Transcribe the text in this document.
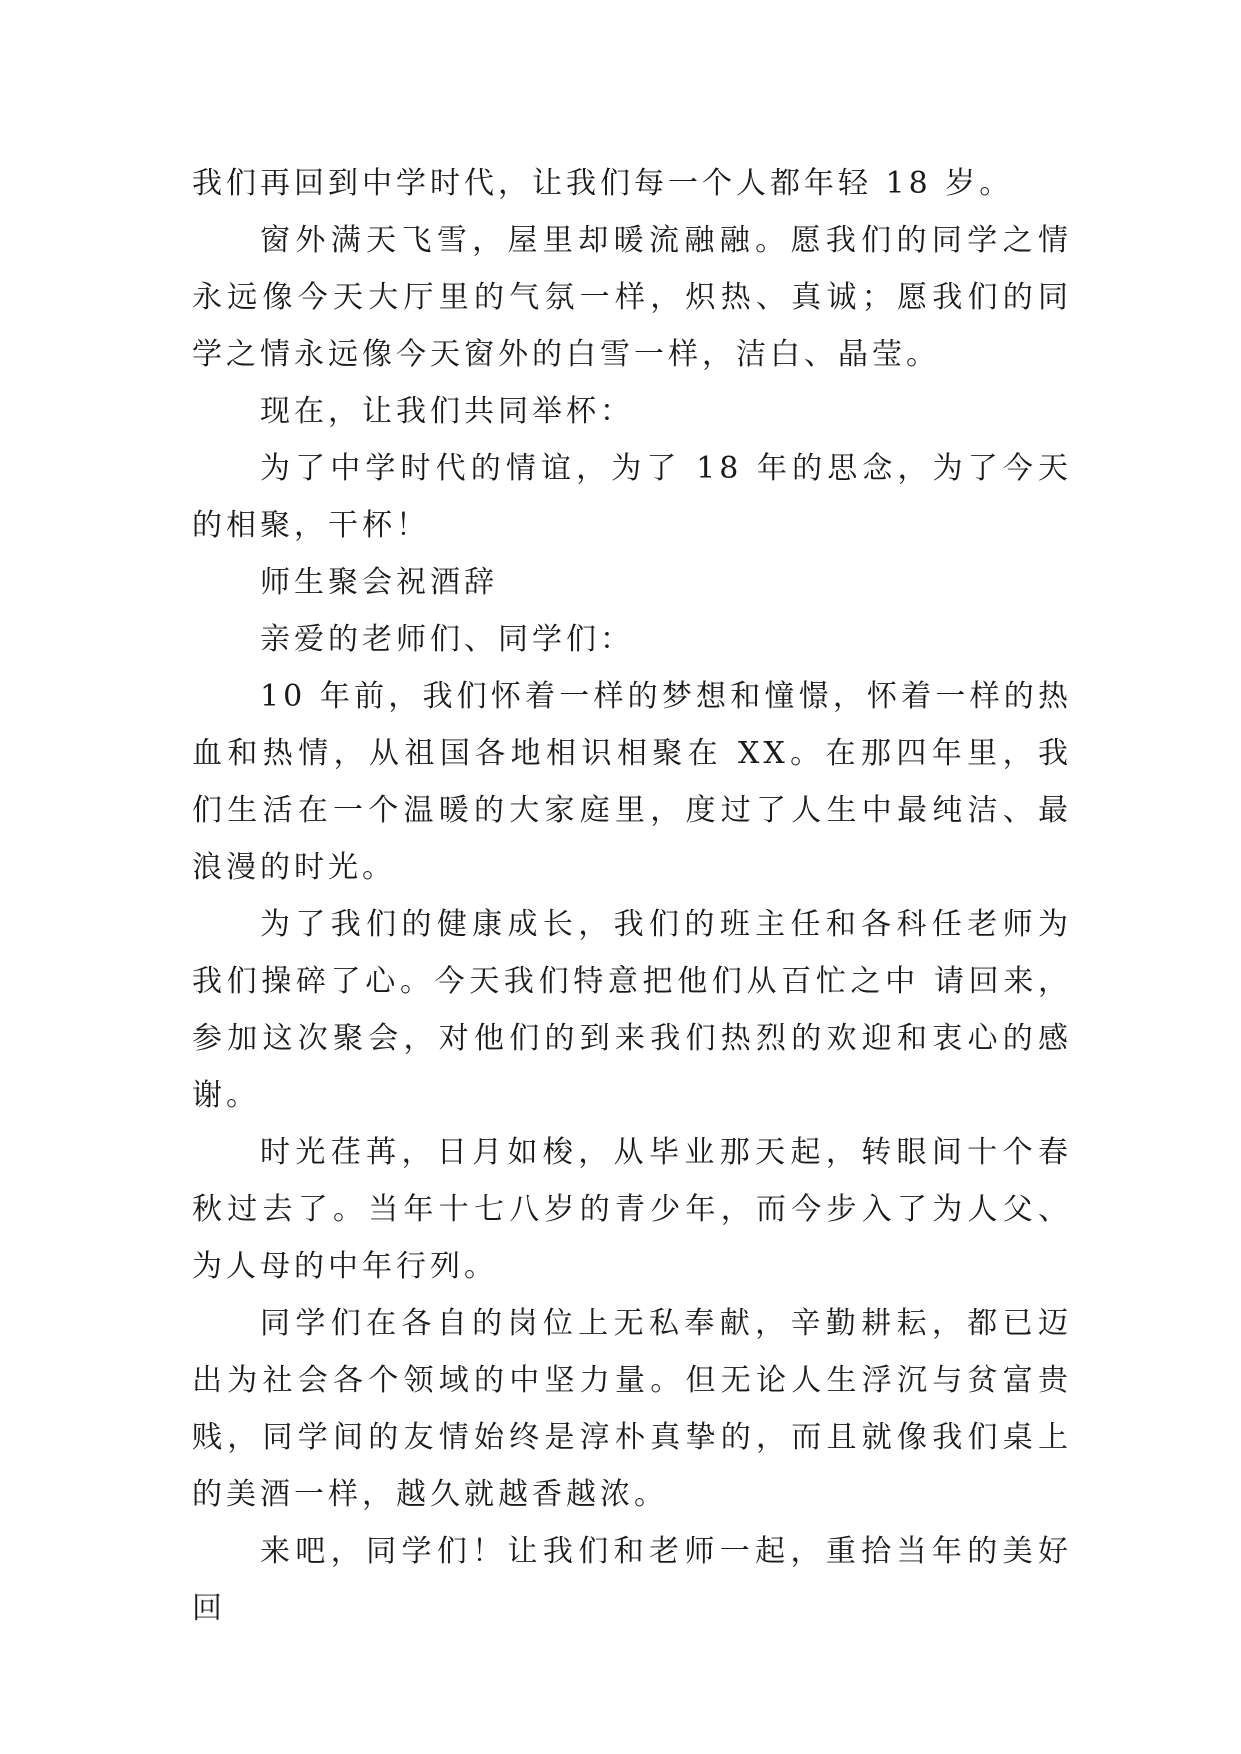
我们再回到中学时代，让我们每一个人都年轻 18 岁。

窗外满天飞雪，屋里却暖流融融。愿我们的同学之情永远像今天大厅里的气氛一样，炽热、真诚；愿我们的同学之情永远像今天窗外的白雪一样，洁白、晶莹。

现在，让我们共同举杯：

为了中学时代的情谊，为了 18 年的思念，为了今天的相聚，干杯！

师生聚会祝酒辞

亲爱的老师们、同学们：

10 年前，我们怀着一样的梦想和憧憬，怀着一样的热血和热情，从祖国各地相识相聚在 XX。在那四年里，我们生活在一个温暖的大家庭里，度过了人生中最纯洁、最浪漫的时光。

为了我们的健康成长，我们的班主任和各科任老师为我们操碎了心。今天我们特意把他们从百忙之中 请回来，参加这次聚会，对他们的到来我们热烈的欢迎和衷心的感谢。

时光荏苒，日月如梭，从毕业那天起，转眼间十个春秋过去了。当年十七八岁的青少年，而今步入了为人父、为人母的中年行列。

同学们在各自的岗位上无私奉献，辛勤耕耘，都已迈出为社会各个领域的中坚力量。但无论人生浮沉与贫富贵贱，同学间的友情始终是淳朴真挚的，而且就像我们桌上的美酒一样，越久就越香越浓。

来吧，同学们！让我们和老师一起，重拾当年的美好回
